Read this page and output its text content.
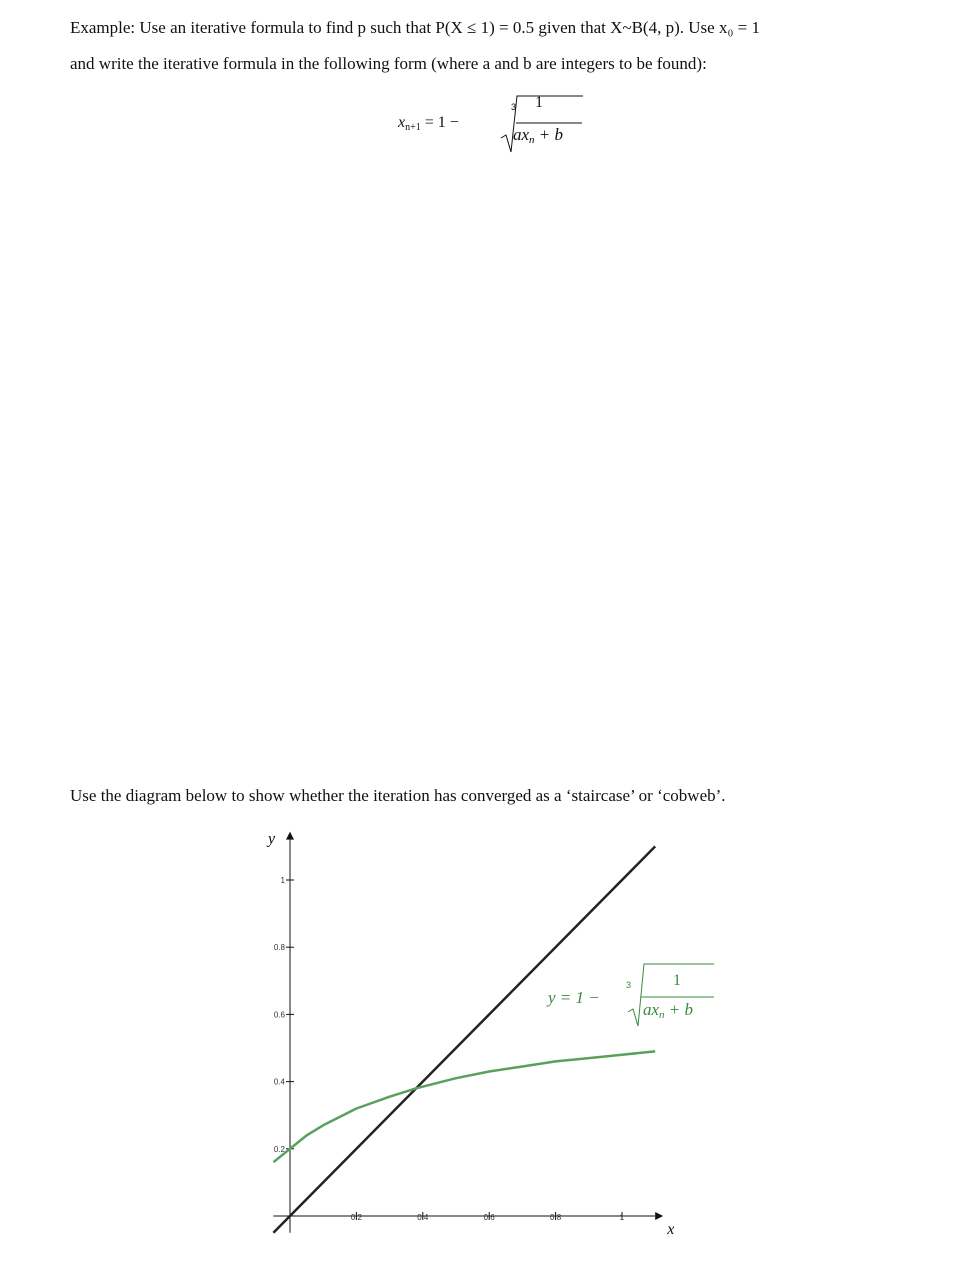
Example: Use an iterative formula to find p such that P(X ≤ 1) = 0.5 given that X~B(4, p). Use x₀ = 1
and write the iterative formula in the following form (where a and b are integers to be found):
$x_{n+1} = 1$ −
3 1
$ax_n + b$
Use the diagram below to show whether the iteration has converged as a ‘staircase’ or ‘cobweb’.
0.2	0.4	0.6	0.8	1
0.2
0.4
0.6
0.8
1
x
y
y = 1 −
3	1
$ax_n + b$
